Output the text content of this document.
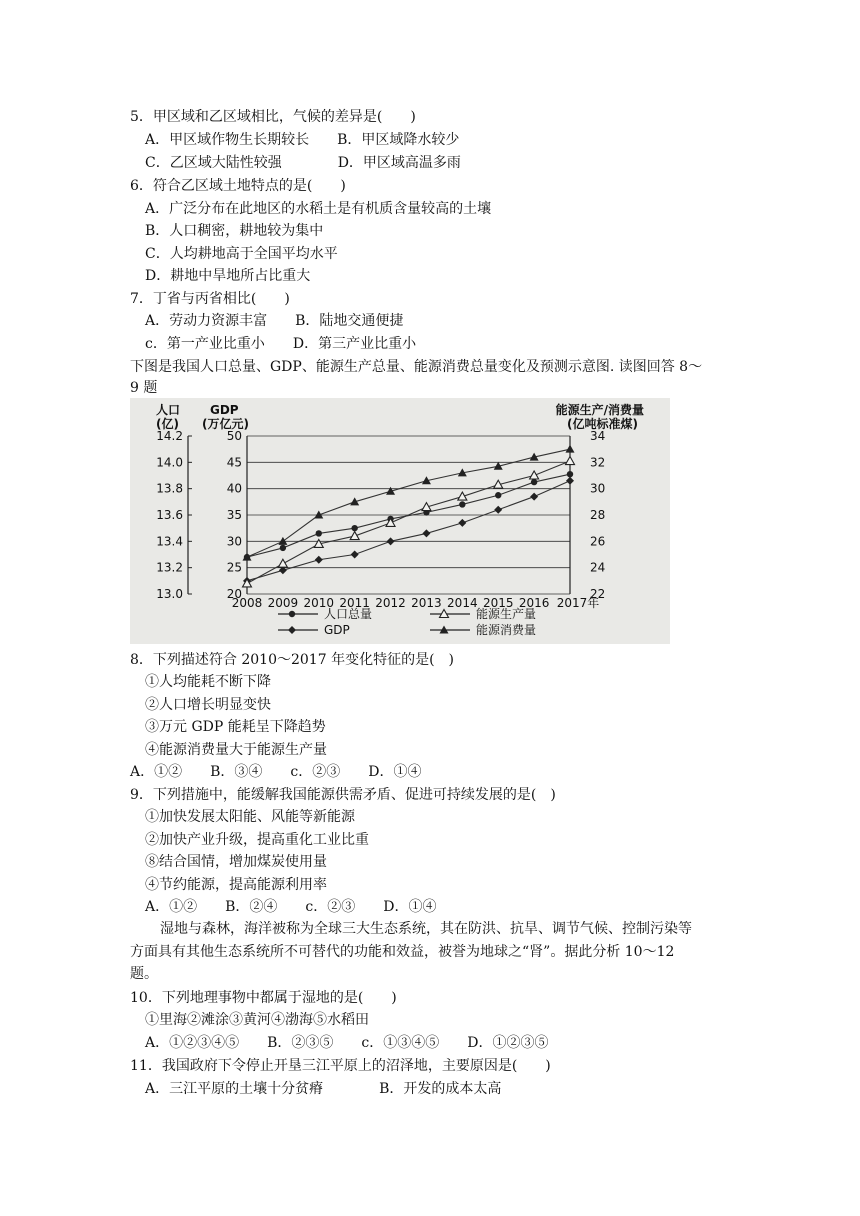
5．甲区域和乙区域相比，气候的差异是(　　)
A．甲区域作物生长期较长　　B．甲区域降水较少
C．乙区域大陆性较强　　　　D．甲区域高温多雨
6．符合乙区域土地特点的是(　　)
A．广泛分布在此地区的水稻土是有机质含量较高的土壤
B．人口稠密，耕地较为集中
C．人均耕地高于全国平均水平
D．耕地中旱地所占比重大
7．丁省与丙省相比(　　)
A．劳动力资源丰富　　B．陆地交通便捷
c．第一产业比重小　　D．第三产业比重小
下图是我国人口总量、GDP、能源生产总量、能源消费总量变化及预测示意图. 读图回答 8～
9 题
8．下列描述符合 2010～2017 年变化特征的是(　)
①人均能耗不断下降
②人口增长明显变快
③万元 GDP 能耗呈下降趋势
④能源消费量大于能源生产量
A．①②　　B．③④　　c．②③　　D．①④
9．下列措施中，能缓解我国能源供需矛盾、促进可持续发展的是(　)
①加快发展太阳能、风能等新能源
②加快产业升级，提高重化工业比重
⑧结合国情，增加煤炭使用量
④节约能源，提高能源利用率
A．①②　　B．②④　　c．②③　　D．①④
湿地与森林，海洋被称为全球三大生态系统，其在防洪、抗旱、调节气候、控制污染等
方面具有其他生态系统所不可替代的功能和效益，被誉为地球之“肾”。据此分析 10～12
题。
10．下列地理事物中都属于湿地的是(　　)
①里海②滩涂③黄河④渤海⑤水稻田
A．①②③④⑤　　B．②③⑤　　c．①③④⑤　　D．①②③⑤
11．我国政府下令停止开垦三江平原上的沼泽地，主要原因是(　　)
A．三江平原的土壤十分贫瘠　　　　B．开发的成本太高
13.0
13.2
13.4
13.6
13.8
14.0
14.2
20
25
30
35
40
45
50
22
24
26
28
30
32
34
2008 2009 2010 2011 2012 2013 2014 2015 2016 2017年
人口
(亿)
GDP
(万亿元)
能源生产/消费量
(亿吨标准煤)
人口总量	能源生产量
GDP	能源消费量
